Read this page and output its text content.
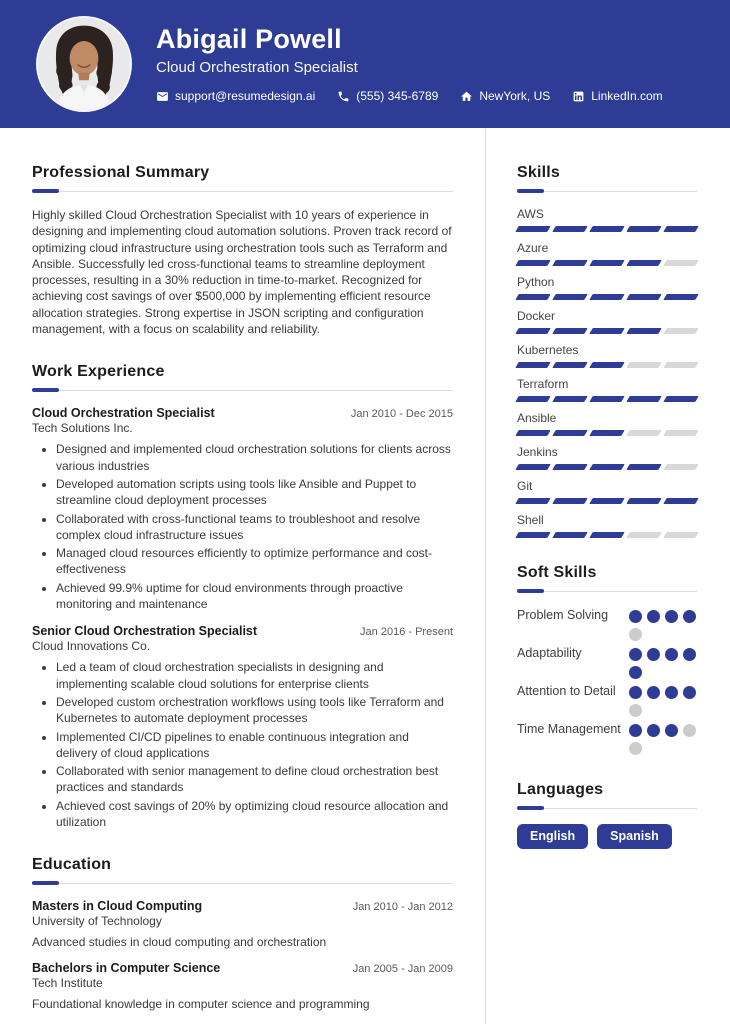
Abigail Powell
Cloud Orchestration Specialist
support@resumedesign.ai	(555) 345-6789	NewYork, US	LinkedIn.com
Professional Summary

Highly skilled Cloud Orchestration Specialist with 10 years of experience in designing and implementing cloud automation solutions. Proven track record of optimizing cloud infrastructure using orchestration tools such as Terraform and Ansible. Successfully led cross-functional teams to streamline deployment processes, resulting in a 30% reduction in time-to-market. Recognized for achieving cost savings of over $500,000 by implementing efficient resource allocation strategies. Strong expertise in JSON scripting and configuration management, with a focus on scalability and reliability.

Work Experience
Cloud Orchestration Specialist	Jan 2010 - Dec 2015
Tech Solutions Inc.
• Designed and implemented cloud orchestration solutions for clients across various industries
• Developed automation scripts using tools like Ansible and Puppet to streamline cloud deployment processes
• Collaborated with cross-functional teams to troubleshoot and resolve complex cloud infrastructure issues
• Managed cloud resources efficiently to optimize performance and cost-effectiveness
• Achieved 99.9% uptime for cloud environments through proactive monitoring and maintenance
Senior Cloud Orchestration Specialist	Jan 2016 - Present
Cloud Innovations Co.
• Led a team of cloud orchestration specialists in designing and implementing scalable cloud solutions for enterprise clients
• Developed custom orchestration workflows using tools like Terraform and Kubernetes to automate deployment processes
• Implemented CI/CD pipelines to enable continuous integration and delivery of cloud applications
• Collaborated with senior management to define cloud orchestration best practices and standards
• Achieved cost savings of 20% by optimizing cloud resource allocation and utilization
Education
Masters in Cloud Computing	Jan 2010 - Jan 2012
University of Technology
Advanced studies in cloud computing and orchestration
Bachelors in Computer Science	Jan 2005 - Jan 2009
Tech Institute
Foundational knowledge in computer science and programming
Skills
AWS
Azure
Python
Docker
Kubernetes
Terraform
Ansible
Jenkins
Git
Shell
Soft Skills
Problem Solving
Adaptability
Attention to Detail
Time Management
Languages
English	Spanish
